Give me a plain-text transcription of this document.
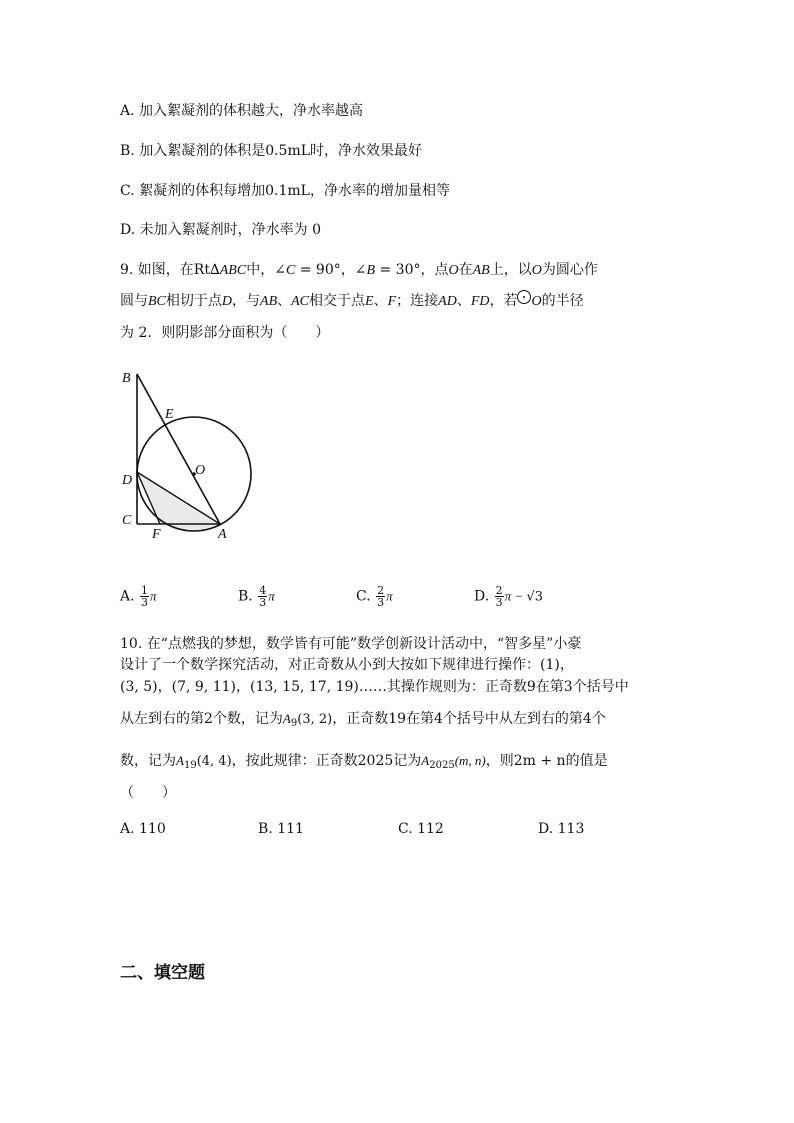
A. 加入絮凝剂的体积越大，净水率越高
B. 加入絮凝剂的体积是0.5mL时，净水效果最好
C. 絮凝剂的体积每增加0.1mL，净水率的增加量相等
D. 未加入絮凝剂时，净水率为 0
9. 如图，在Rt∆ABC中，∠C = 90°，∠B = 30°，点O在AB上，以O为圆心作
圆与BC相切于点D，与AB、AC相交于点E、F；连接AD、FD，若 O的半径
为 2．则阴影部分面积为（　　）
B
E
O
D
C
F	A
A. $\frac{1}{3}$ π	B. $\frac{4}{3}$ π	C. $\frac{2}{3}$ π	D. $\frac{2}{3}$ π − √3
10. 在“点燃我的梦想，数学皆有可能”数学创新设计活动中，“智多星”小豪
设计了一个数学探究活动，对正奇数从小到大按如下规律进行操作：(1)，
(3, 5)，(7, 9, 11)，(13, 15, 17, 19)……其操作规则为：正奇数9在第3个括号中
从左到右的第2个数，记为$A_9(3$, 2)，正奇数19在第4个括号中从左到右的第4个
数，记为$A_{19}(4$, 4)，按此规律：正奇数2025记为$A_{2025}(m$, n)，则2m + n的值是
（　　）
A. 110	B. 111	C. 112	D. 113
二、填空题
